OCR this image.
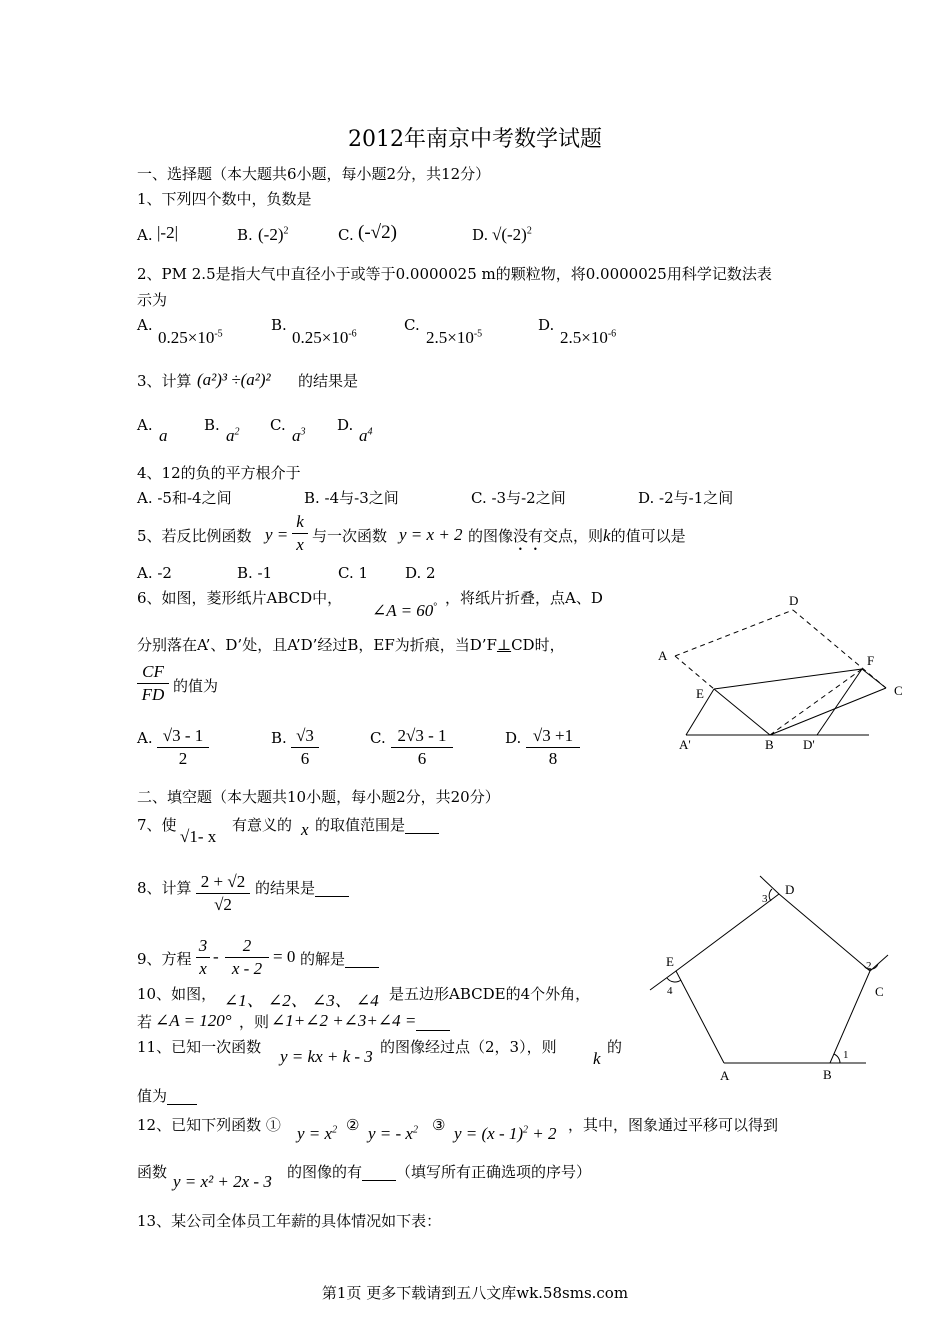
2012年南京中考数学试题
一、选择题（本大题共6小题，每小题2分，共12分）
1、下列四个数中，负数是
A. |-2|	B. $(-2)^2$	C. (-√2)	D. $√(-2)^2$
2、PM 2.5是指大气中直径小于或等于0.0000025 m的颗粒物，将0.0000025用科学记数法表
示为
A.
$0.25\times 10^{-5}$	B.
$0.25\times 10^{-6}$	C.
$2.5\times 10^{-5}$	D.
$2.5\times 10^{-6}$
3、计算 (a²)³ ÷(a²)² 的结果是
A.
a
B.
$a^2$ C.
$a^3$ D.
$a^4$
4、12的负的平方根介于
A. -5和-4之间	B. -4与-3之间	C. -3与-2之间	D. -2与-1之间
5、若反比例函数 $y = \frac{k}{x}$ 与一次函数 y = x + 2 的图像没有交点，则k的值可以是
A. -2	B. -1	C. 1 D. 2
6、如图，菱形纸片ABCD中，
∠A = 60° ，将纸片折叠，点A、D
分别落在A’、D’处，且A’D’经过B，EF为折痕，当D’F⊥CD时，
$\frac{CF}{FD}$ 的值为
A. $\frac{√3 - 1}{2}$	B. $\frac{√3}{6}$	C. $\frac{2√3 - 1}{6}$	D. $\frac{√3 +1}{8}$
D
A	F
C
E
A'	B D'
二、填空题（本大题共10小题，每小题2分，共20分）
7、使
√1- x
有意义的 x 的取值范围是
8、计算 $\frac{2 + √2}{√2}$ 的结果是
9、方程 $\frac{3}{x} - \frac{2}{x - 2} = 0$ 的解是
10、如图， ∠1、 ∠2、 ∠3、 ∠4 是五边形ABCDE的4个外角，
若 ∠A = 120° ，则 ∠1+∠2 +∠3+∠4 =
11、已知一次函数 y = kx + k - 3 的图像经过点（2，3），则
k
的
值为
12、已知下列函数 ① $y = x^2$ ② y = - $x^2$ ③ y = (x - 1)$^2$ + 2 ，其中，图象通过平移可以得到
函数 y = x² + 2x - 3 的图像的有 （填写所有正确选项的序号）
13、某公司全体员工年薪的具体情况如下表：
D
E
C
A	B
1
2
3
4
第1页 更多下载请到五八文库wk.58sms.com
